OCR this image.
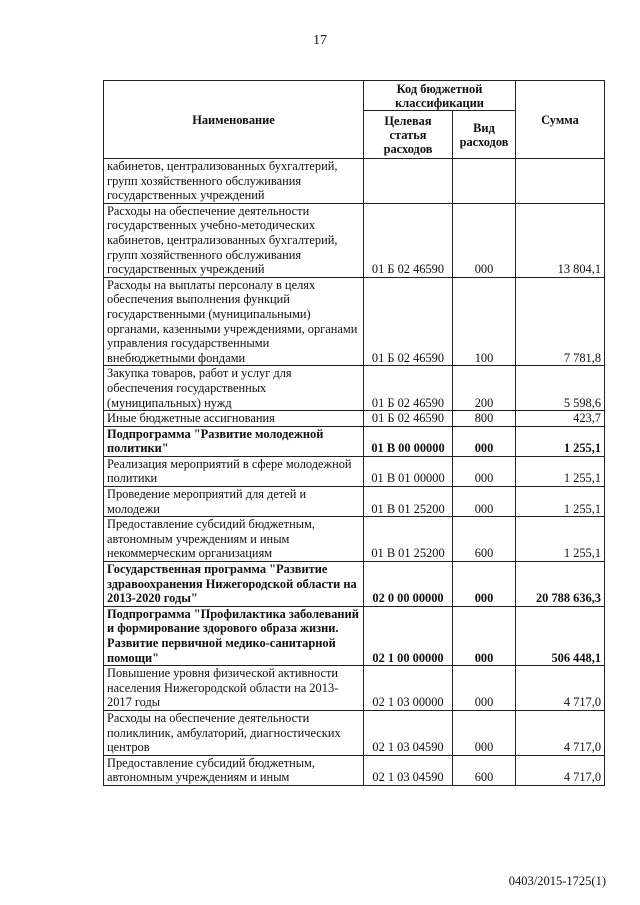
17
Наименование	Код бюджетной классификации		Сумма
	Целевая статья расходов	Вид расходов	
кабинетов, централизованных бухгалтерий, групп хозяйственного обслуживания государственных учреждений			
Расходы на обеспечение деятельности государственных учебно-методических кабинетов, централизованных бухгалтерий, групп хозяйственного обслуживания государственных учреждений	01 Б 02 46590	000	13 804,1
Расходы на выплаты персоналу в целях обеспечения выполнения функций государственными (муниципальными) органами, казенными учреждениями, органами управления государственными внебюджетными фондами	01 Б 02 46590	100	7 781,8
Закупка товаров, работ и услуг для обеспечения государственных (муниципальных) нужд	01 Б 02 46590	200	5 598,6
Иные бюджетные ассигнования	01 Б 02 46590	800	423,7
Подпрограмма "Развитие молодежной политики"	01 В 00 00000	000	1 255,1
Реализация мероприятий в сфере молодежной политики	01 В 01 00000	000	1 255,1
Проведение мероприятий для детей и молодежи	01 В 01 25200	000	1 255,1
Предоставление субсидий бюджетным, автономным учреждениям и иным некоммерческим организациям	01 В 01 25200	600	1 255,1
Государственная программа "Развитие здравоохранения Нижегородской области на 2013-2020 годы"	02 0 00 00000	000	20 788 636,3
Подпрограмма "Профилактика заболеваний и формирование здорового образа жизни. Развитие первичной медико-санитарной помощи"	02 1 00 00000	000	506 448,1
Повышение уровня физической активности населения Нижегородской области на 2013-2017 годы	02 1 03 00000	000	4 717,0
Расходы на обеспечение деятельности поликлиник, амбулаторий, диагностических центров	02 1 03 04590	000	4 717,0
Предоставление субсидий бюджетным, автономным учреждениям и иным	02 1 03 04590	600	4 717,0
0403/2015-1725(1)
